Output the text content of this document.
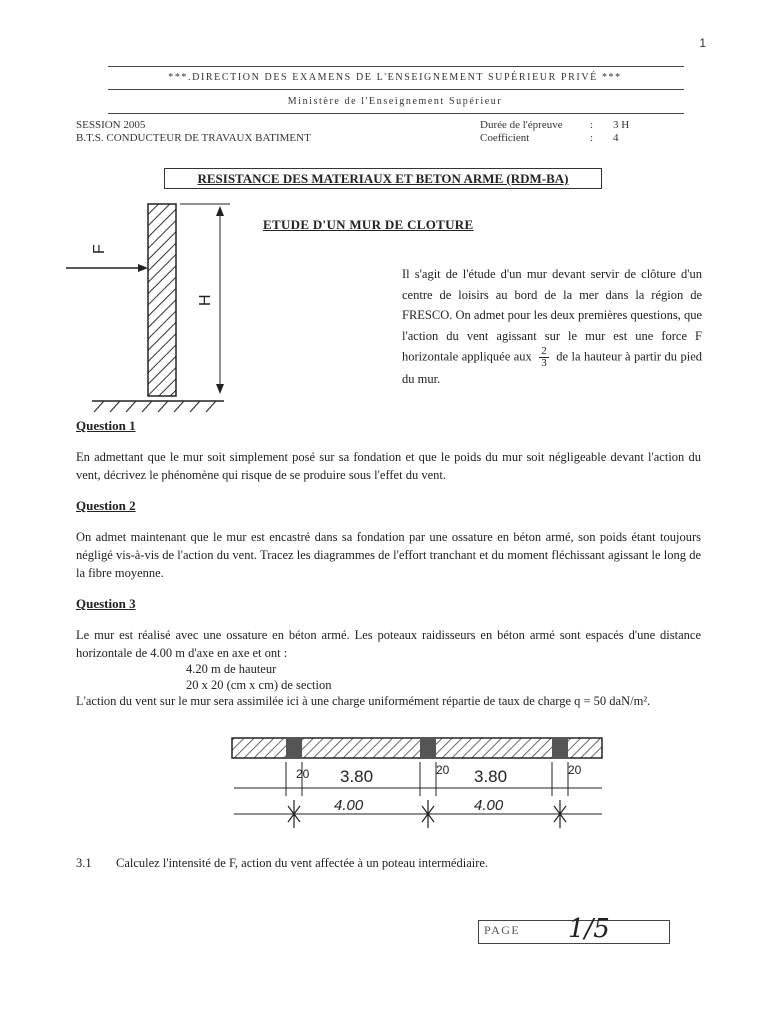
1
***.DIRECTION DES EXAMENS DE L'ENSEIGNEMENT SUPÉRIEUR PRIVÉ ***
Ministère de l'Enseignement Supérieur
SESSION 2005
B.T.S. CONDUCTEUR DE TRAVAUX BATIMENT
Durée de l'épreuve : 3 H
Coefficient	: 4
RESISTANCE DES MATERIAUX ET BETON ARME (RDM-BA)
F
H
ETUDE D'UN MUR DE CLOTURE
Il s'agit de l'étude d'un mur devant servir de clôture d'un centre de loisirs au bord de la mer dans la région de FRESCO. On admet pour les deux premières questions, que l'action du vent agissant sur le mur est une force F horizontale appliquée aux $\frac{2}{3}$ de la hauteur à partir du pied du mur.
Question 1
En admettant que le mur soit simplement posé sur sa fondation et que le poids du mur soit négligeable devant l'action du vent, décrivez le phénomène qui risque de se produire sous l'effet du vent.
Question 2
On admet maintenant que le mur est encastré dans sa fondation par une ossature en béton armé, son poids étant toujours négligé vis-à-vis de l'action du vent. Tracez les diagrammes de l'effort tranchant et du moment fléchissant agissant le long de la fibre moyenne.
Question 3
Le mur est réalisé avec une ossature en béton armé. Les poteaux raidisseurs en béton armé sont espacés d'une distance horizontale de 4.00 m d'axe en axe et ont :
4.20 m de hauteur
20 x 20 (cm x cm) de section
L'action du vent sur le mur sera assimilée ici à une charge uniformément répartie de taux de charge q = 50 daN/m².
20 3.80	20 3.80	20
4.00	4.00
3.1 Calculez l'intensité de F, action du vent affectée à un poteau intermédiaire.
PAGE 1/5
